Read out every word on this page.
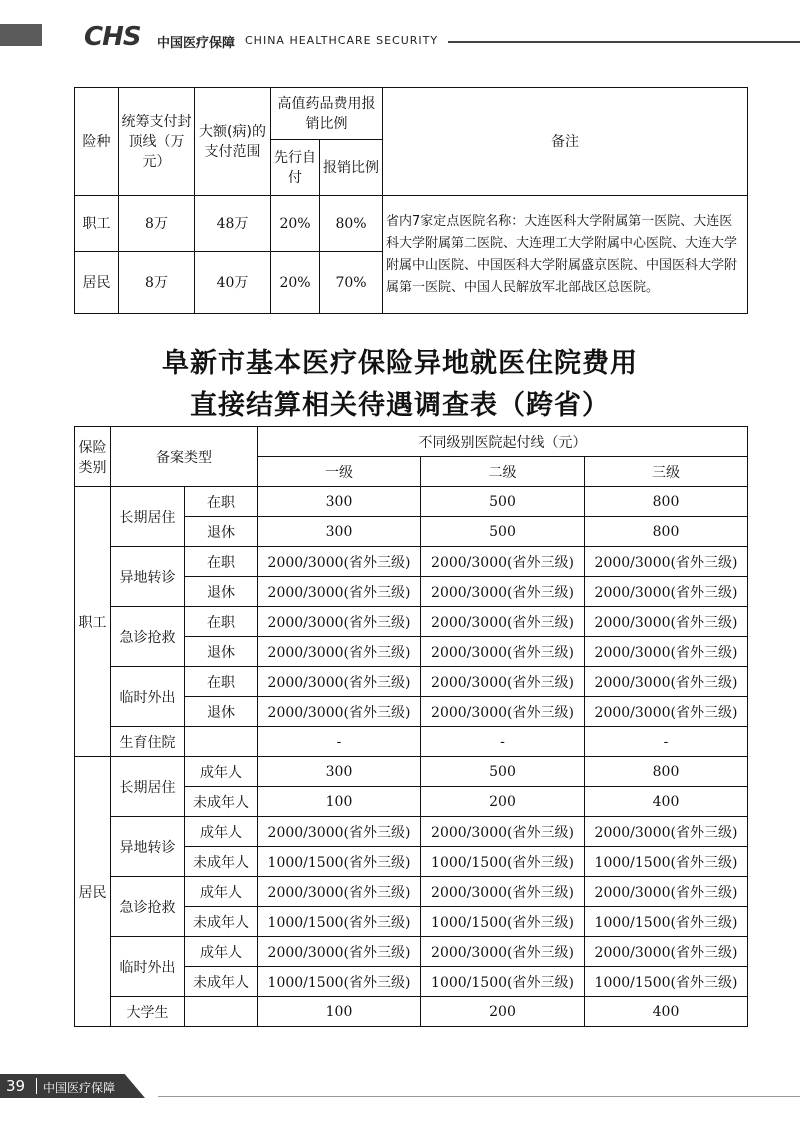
CHS 中国医疗保障 CHINA HEALTHCARE SECURITY
险种	统筹支付封顶线（万元）	大额(病)的支付范围	高值药品费用报销比例		备注
			先行自付	报销比例	
职工	8万	48万	20%	80%	省内7家定点医院名称：大连医科大学附属第一医院、大连医科大学附属第二医院、大连理工大学附属中心医院、大连大学附属中山医院、中国医科大学附属盛京医院、中国医科大学附属第一医院、中国人民解放军北部战区总医院。
居民	8万	40万	20%	70%	
阜新市基本医疗保险异地就医住院费用
直接结算相关待遇调查表（跨省）
保险类别	备案类型		不同级别医院起付线（元）		
			一级	二级	三级
职工	长期居住	在职	300	500	800
		退休	300	500	800
	异地转诊	在职	2000/3000(省外三级)	2000/3000(省外三级)	2000/3000(省外三级)
		退休	2000/3000(省外三级)	2000/3000(省外三级)	2000/3000(省外三级)
	急诊抢救	在职	2000/3000(省外三级)	2000/3000(省外三级)	2000/3000(省外三级)
		退休	2000/3000(省外三级)	2000/3000(省外三级)	2000/3000(省外三级)
	临时外出	在职	2000/3000(省外三级)	2000/3000(省外三级)	2000/3000(省外三级)
		退休	2000/3000(省外三级)	2000/3000(省外三级)	2000/3000(省外三级)
	生育住院		-	-	-
居民	长期居住	成年人	300	500	800
		未成年人	100	200	400
	异地转诊	成年人	2000/3000(省外三级)	2000/3000(省外三级)	2000/3000(省外三级)
		未成年人	1000/1500(省外三级)	1000/1500(省外三级)	1000/1500(省外三级)
	急诊抢救	成年人	2000/3000(省外三级)	2000/3000(省外三级)	2000/3000(省外三级)
		未成年人	1000/1500(省外三级)	1000/1500(省外三级)	1000/1500(省外三级)
	临时外出	成年人	2000/3000(省外三级)	2000/3000(省外三级)	2000/3000(省外三级)
		未成年人	1000/1500(省外三级)	1000/1500(省外三级)	1000/1500(省外三级)
	大学生		100	200	400
39 中国医疗保障
